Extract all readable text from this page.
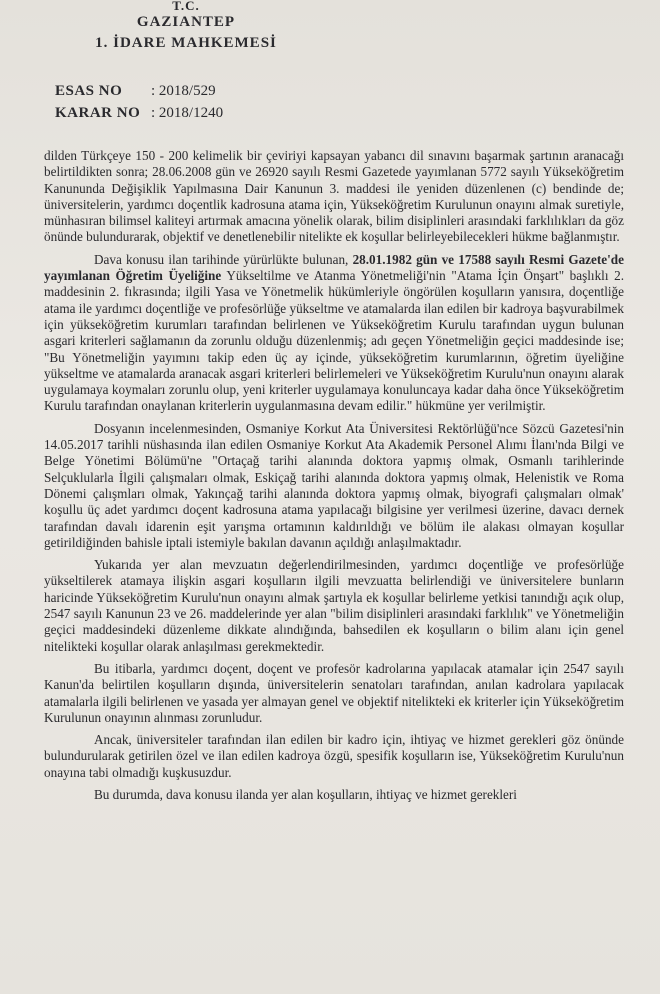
T.C.
GAZIANTEP
1. İDARE MAHKEMESİ
ESAS NO	: 2018/529
KARAR NO : 2018/1240

dilden Türkçeye 150 - 200 kelimelik bir çeviriyi kapsayan yabancı dil sınavını başarmak şartının aranacağı belirtildikten sonra; 28.06.2008 gün ve 26920 sayılı Resmi Gazetede yayımlanan 5772 sayılı Yükseköğretim Kanununda Değişiklik Yapılmasına Dair Kanunun 3. maddesi ile yeniden düzenlenen (c) bendinde de; üniversitelerin, yardımcı doçentlik kadrosuna atama için, Yükseköğretim Kurulunun onayını almak suretiyle, münhasıran bilimsel kaliteyi artırmak amacına yönelik olarak, bilim disiplinleri arasındaki farklılıkları da göz önünde bulundurarak, objektif ve denetlenebilir nitelikte ek koşullar belirleyebilecekleri hükme bağlanmıştır.

Dava konusu ilan tarihinde yürürlükte bulunan, 28.01.1982 gün ve 17588 sayılı Resmi Gazete'de yayımlanan Öğretim Üyeliğine Yükseltilme ve Atanma Yönetmeliği'nin "Atama İçin Önşart" başlıklı 2. maddesinin 2. fıkrasında; ilgili Yasa ve Yönetmelik hükümleriyle öngörülen koşulların yanısıra, doçentliğe atama ile yardımcı doçentliğe ve profesörlüğe yükseltme ve atamalarda ilan edilen bir kadroya başvurabilmek için yükseköğretim kurumları tarafından belirlenen ve Yükseköğretim Kurulu tarafından uygun bulunan asgari kriterleri sağlamanın da zorunlu olduğu düzenlenmiş; adı geçen Yönetmeliğin geçici maddesinde ise; "Bu Yönetmeliğin yayımını takip eden üç ay içinde, yükseköğretim kurumlarının, öğretim üyeliğine yükseltme ve atamalarda aranacak asgari kriterleri belirlemeleri ve Yükseköğretim Kurulu'nun onayını alarak uygulamaya koymaları zorunlu olup, yeni kriterler uygulamaya konuluncaya kadar daha önce Yükseköğretim Kurulu tarafından onaylanan kriterlerin uygulanmasına devam edilir." hükmüne yer verilmiştir.

Dosyanın incelenmesinden, Osmaniye Korkut Ata Üniversitesi Rektörlüğü'nce Sözcü Gazetesi'nin 14.05.2017 tarihli nüshasında ilan edilen Osmaniye Korkut Ata Akademik Personel Alımı İlanı'nda Bilgi ve Belge Yönetimi Bölümü'ne "Ortaçağ tarihi alanında doktora yapmış olmak, Osmanlı tarihlerinde Selçuklularla İlgili çalışmaları olmak, Eskiçağ tarihi alanında doktora yapmış olmak, Helenistik ve Roma Dönemi çalışmları olmak, Yakınçağ tarihi alanında doktora yapmış olmak, biyografi çalışmaları olmak' koşullu üç adet yardımcı doçent kadrosuna atama yapılacağı bilgisine yer verilmesi üzerine, davacı dernek tarafından davalı idarenin eşit yarışma ortamının kaldırıldığı ve bölüm ile alakası olmayan koşullar getirildiğinden bahisle iptali istemiyle bakılan davanın açıldığı anlaşılmaktadır.

Yukarıda yer alan mevzuatın değerlendirilmesinden, yardımcı doçentliğe ve profesörlüğe yükseltilerek atamaya ilişkin asgari koşulların ilgili mevzuatta belirlendiği ve üniversitelere bunların haricinde Yükseköğretim Kurulu'nun onayını almak şartıyla ek koşullar belirleme yetkisi tanındığı açık olup, 2547 sayılı Kanunun 23 ve 26. maddelerinde yer alan "bilim disiplinleri arasındaki farklılık" ve Yönetmeliğin geçici maddesindeki düzenleme dikkate alındığında, bahsedilen ek koşulların o bilim alanı için genel nitelikteki koşullar olarak anlaşılması gerekmektedir.

Bu itibarla, yardımcı doçent, doçent ve profesör kadrolarına yapılacak atamalar için 2547 sayılı Kanun'da belirtilen koşulların dışında, üniversitelerin senatoları tarafından, anılan kadrolara yapılacak atamalarla ilgili belirlenen ve yasada yer almayan genel ve objektif nitelikteki ek kriterler için Yükseköğretim Kurulunun onayının alınması zorunludur.

Ancak, üniversiteler tarafından ilan edilen bir kadro için, ihtiyaç ve hizmet gerekleri göz önünde bulundurularak getirilen özel ve ilan edilen kadroya özgü, spesifik koşulların ise, Yükseköğretim Kurulu'nun onayına tabi olmadığı kuşkusuzdur.

Bu durumda, dava konusu ilanda yer alan koşulların, ihtiyaç ve hizmet gerekleri
